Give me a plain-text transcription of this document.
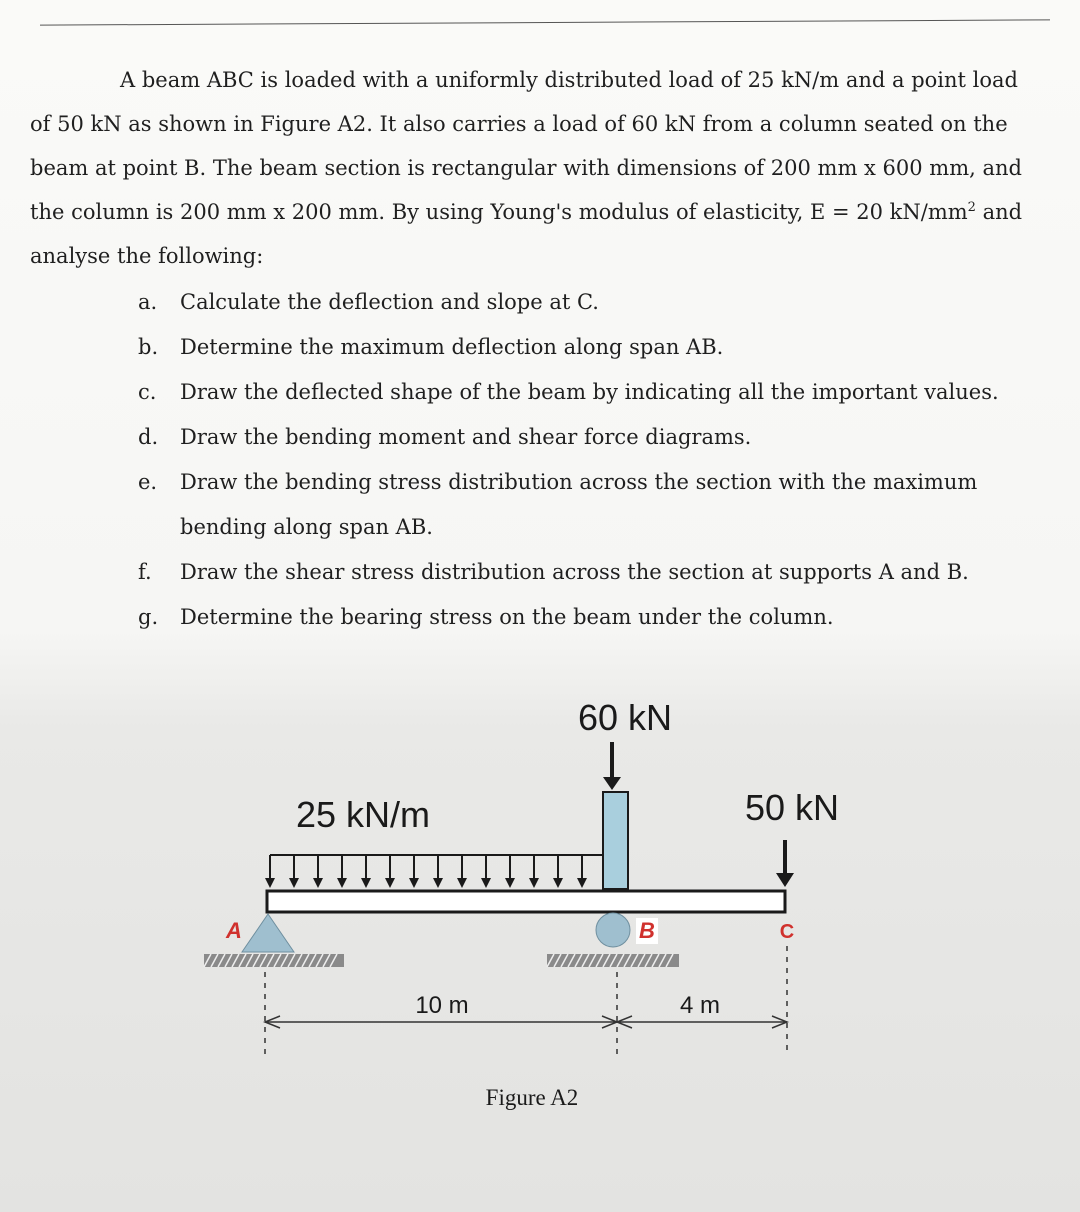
A beam ABC is loaded with a uniformly distributed load of 25 kN/m and a point load of 50 kN as shown in Figure A2. It also carries a load of 60 kN from a column seated on the beam at point B. The beam section is rectangular with dimensions of 200 mm x 600 mm, and the column is 200 mm x 200 mm. By using Young's modulus of elasticity, E = 20 $kN/mm^2$ and analyse the following:

a. Calculate the deflection and slope at C.
b. Determine the maximum deflection along span AB.
c. Draw the deflected shape of the beam by indicating all the important values.
d. Draw the bending moment and shear force diagrams.
e. Draw the bending stress distribution across the section with the maximum bending along span AB.
f. Draw the shear stress distribution across the section at supports A and B.
g. Determine the bearing stress on the beam under the column.
60 kN
25 kN/m	50 kN
A	B	C
10 m	4 m
Figure A2
